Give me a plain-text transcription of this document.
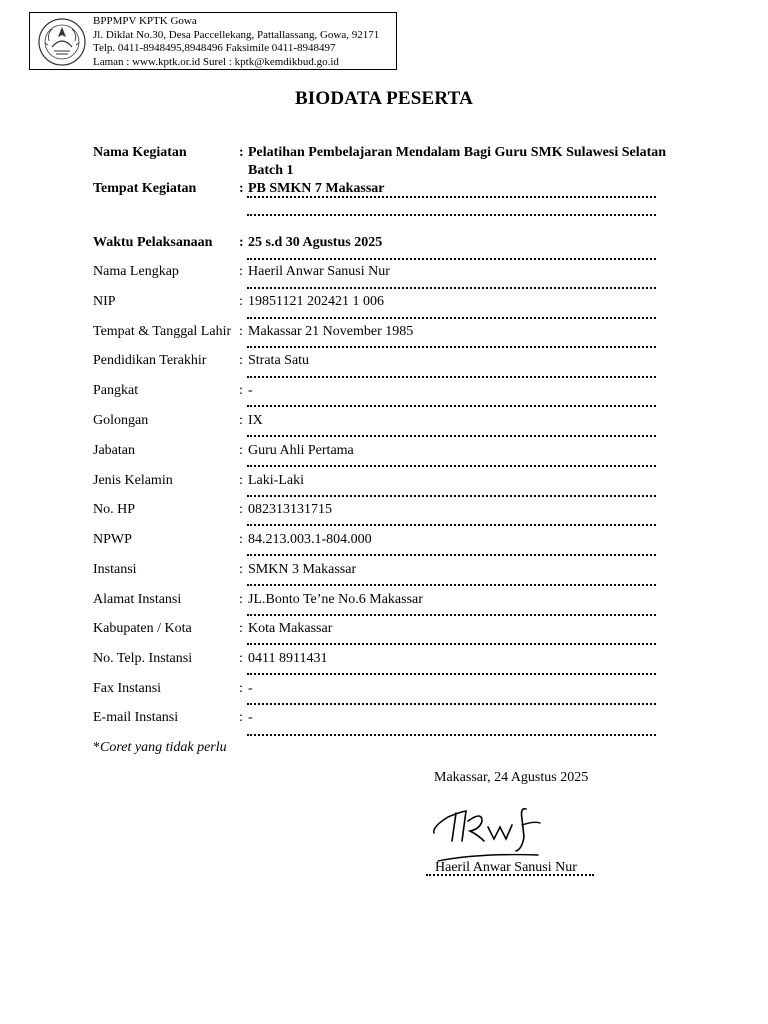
BPPMPV KPTK Gowa
Jl. Diklat No.30, Desa Paccellekang, Pattallassang, Gowa, 92171
Telp. 0411-8948495,8948496 Faksimile 0411-8948497
Laman : www.kptk.or.id Surel : kptk@kemdikbud.go.id
BIODATA PESERTA
Nama Kegiatan	: Pelatihan Pembelajaran Mendalam Bagi Guru SMK Sulawesi Selatan
Batch 1
Tempat Kegiatan	: PB SMKN 7 Makassar
Waktu Pelaksanaan : 25 s.d 30 Agustus 2025
Nama Lengkap	: Haeril Anwar Sanusi Nur
NIP	: 19851121 202421 1 006
Tempat & Tanggal Lahir : Makassar 21 November 1985
Pendidikan Terakhir : Strata Satu
Pangkat	: -
Golongan	: IX
Jabatan	: Guru Ahli Pertama
Jenis Kelamin	: Laki-Laki
No. HP	: 082313131715
NPWP	: 84.213.003.1-804.000
Instansi	: SMKN 3 Makassar
Alamat Instansi	: JL.Bonto Te’ne No.6 Makassar
Kabupaten / Kota	: Kota Makassar
No. Telp. Instansi	: 0411 8911431
Fax Instansi	: -
E-mail Instansi	: -
*Coret yang tidak perlu
Makassar, 24 Agustus 2025
Haeril Anwar Sanusi Nur
